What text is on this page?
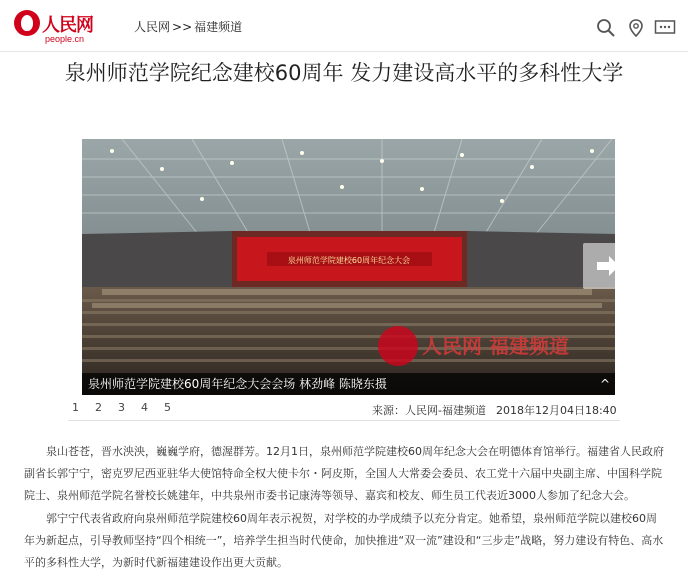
人民网
people.cn
人民网 >> 福建频道
泉州师范学院纪念建校60周年 发力建设高水平的多科性大学
泉州师范学院建校60周年纪念大会
人民网 福建频道
泉州师范学院建校60周年纪念大会会场 林劲峰 陈晓东摄	^
1 2 3 4 5	来源：人民网-福建频道 2018年12月04日18:40

泉山苍苍，晋水泱泱，巍巍学府，德渥群芳。12月1日，泉州师范学院建校60周年纪念大会在明德体育馆举行。福建省人民政府副省长郭宁宁，密克罗尼西亚驻华大使馆特命全权大使卡尔・阿皮斯，全国人大常委会委员、农工党十六届中央副主席、中国科学院院士、泉州师范学院名誉校长姚建年，中共泉州市委书记康涛等领导、嘉宾和校友、师生员工代表近3000人参加了纪念大会。

郭宁宁代表省政府向泉州师范学院建校60周年表示祝贺，对学校的办学成绩予以充分肯定。她希望，泉州师范学院以建校60周年为新起点，引导教师坚持“四个相统一”，培养学生担当时代使命，加快推进“双一流”建设和“三步走”战略，努力建设有特色、高水平的多科性大学，为新时代新福建建设作出更大贡献。
